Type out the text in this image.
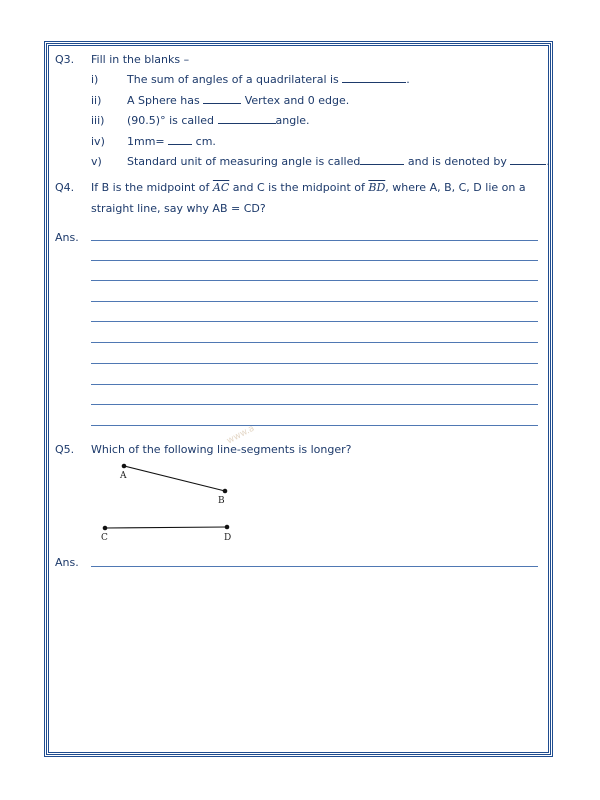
Q3. Fill in the blanks –
i)	The sum of angles of a quadrilateral is	.
ii) A Sphere has	Vertex and 0 edge.
iii) (90.5)° is called	angle.
iv) 1mm=	cm.
v) Standard unit of measuring angle is called	and is denoted by	.
Q4. If B is the midpoint of $\overline{AC}$ and C is the midpoint of $\overline{BD}$, where A, B, C, D lie on a
straight line, say why AB = CD?
Ans.
Q5. Which of the following line-segments is longer?
www.a
A
B
C	D
Ans.
